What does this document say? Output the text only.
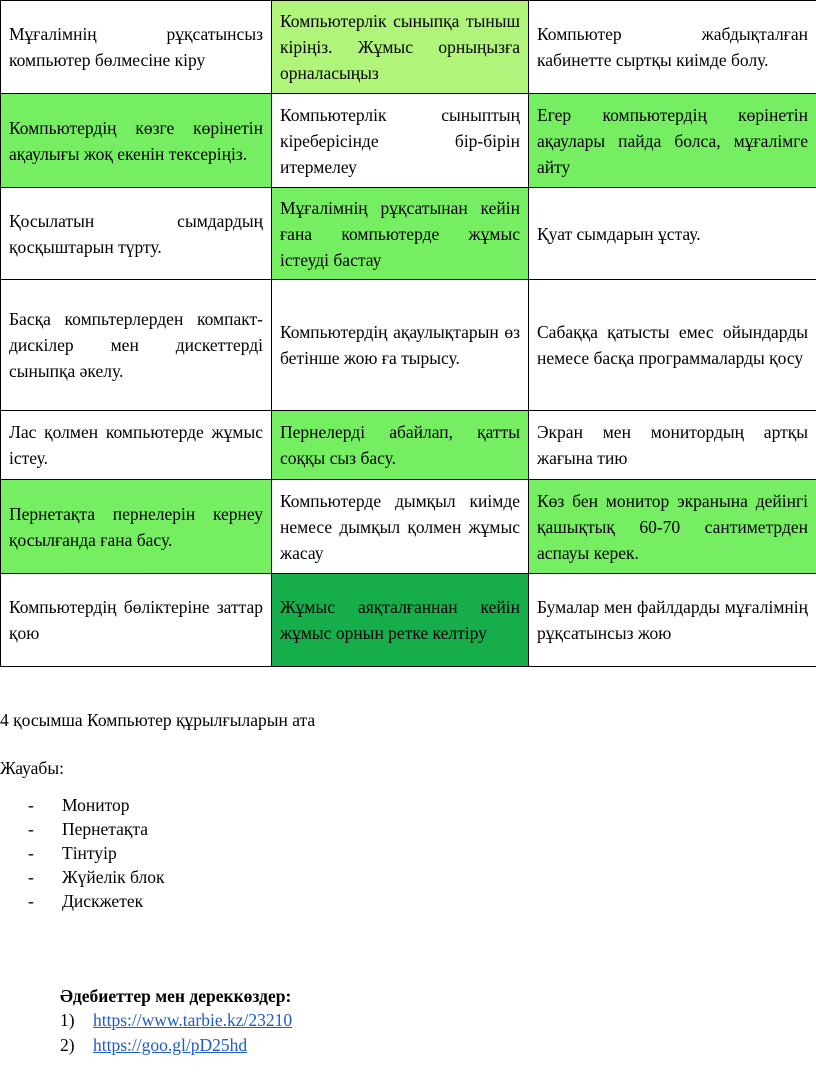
Мұғалімнің рұқсатынсыз компьютер бөлмесіне кіру	Компьютерлік сыныпқа тыныш кіріңіз. Жұмыс орныңызға орналасыңыз	Компьютер жабдықталған кабинетте сыртқы киімде болу.
Компьютердің көзге көрінетін ақаулығы жоқ екенін тексеріңіз.	Компьютерлік сыныптың кіреберісінде бір-бірін итермелеу	Егер компьютердің көрінетін ақаулары пайда болса, мұғалімге айту
Қосылатын сымдардың қосқыштарын түрту.	Мұғалімнің рұқсатынан кейін ғана компьютерде жұмыс істеуді бастау	Қуат сымдарын ұстау.
Басқа компьтерлерден компакт-дискілер мен дискеттерді сыныпқа әкелу.	Компьютердің ақаулықтарын өз бетінше жою ға тырысу.	Сабаққа қатысты емес ойындарды немесе басқа программаларды қосу
Лас қолмен компьютерде жұмыс істеу.	Пернелерді абайлап, қатты соққы сыз басу.	Экран мен монитордың артқы жағына тию
Пернетақта пернелерін кернеу қосылғанда ғана басу.	Компьютерде дымқыл киімде немесе дымқыл қолмен жұмыс жасау	Көз бен монитор экранына дейінгі қашықтық 60-70 сантиметрден аспауы керек.
Компьютердің бөліктеріне заттар қою	Жұмыс аяқталғаннан кейін жұмыс орнын ретке келтіру	Бумалар мен файлдарды мұғалімнің рұқсатынсыз жою
4 қосымша Компьютер құрылғыларын ата
Жауабы:
- Монитор
- Пернетақта
- Тінтуір
- Жүйелік блок
- Дискжетек
Әдебиеттер мен дереккөздер:
1) https://www.tarbie.kz/23210
2) https://goo.gl/pD25hd
